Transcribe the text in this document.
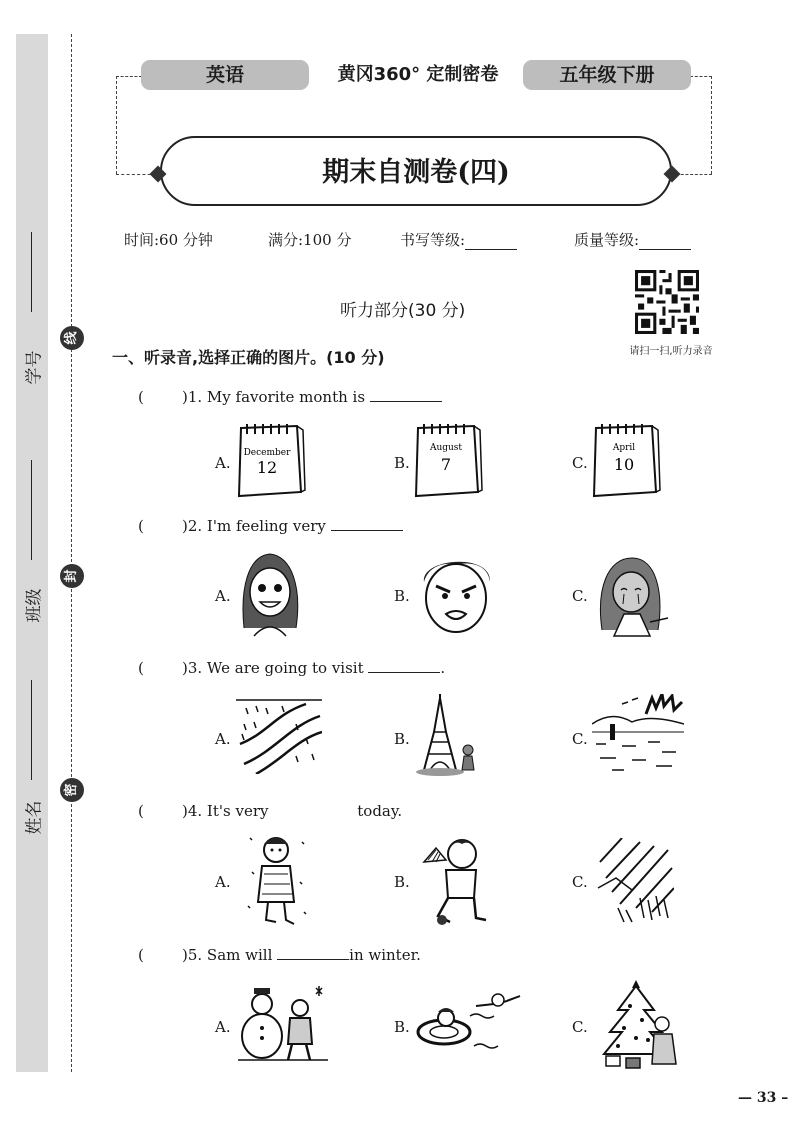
学号
班级
姓名
线
封
密
英语	黄冈360° 定制密卷	五年级下册
期末自测卷(四)
时间:60 分钟	满分:100 分	书写等级:	质量等级:
请扫一扫,听力录音
听力部分(30 分)
一、听录音,选择正确的图片。(10 分)
(	)1. My favorite month is
A.	B.	C.
December
12
August
7
April
10
(	)2. I'm feeling very
A.	B.	C.
(	)3. We are going to visit	.
A.	B.	C.
(	)4. It's very	today.
A.	B.	C.
(	)5. Sam will	in winter.
A.	B.	C.
— 33 –
